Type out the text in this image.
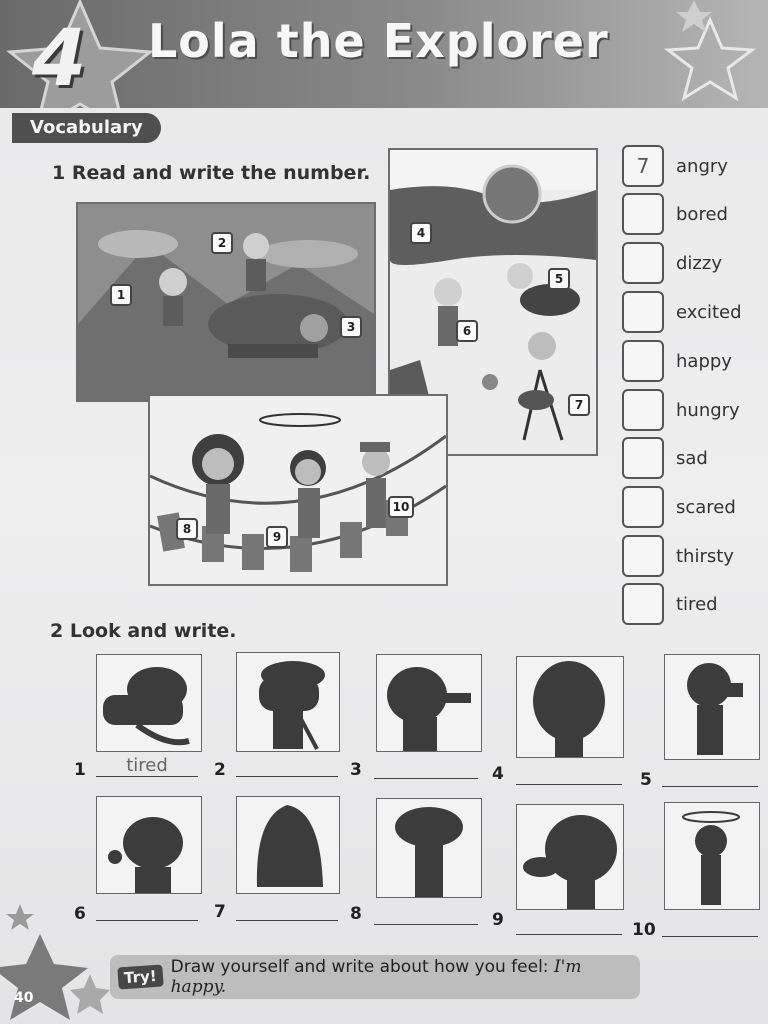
4 Lola the Explorer
Vocabulary
1 Read and write the number.
1
2
3
4
5
6
7
8
9
10
7	angry
bored
dizzy
excited
happy
hungry
sad
scared
thirsty
tired
2 Look and write.
1	tired	2	3	4	5
6	7	8	9	10
40
Try! Draw yourself and write about how you feel: I'm happy.
